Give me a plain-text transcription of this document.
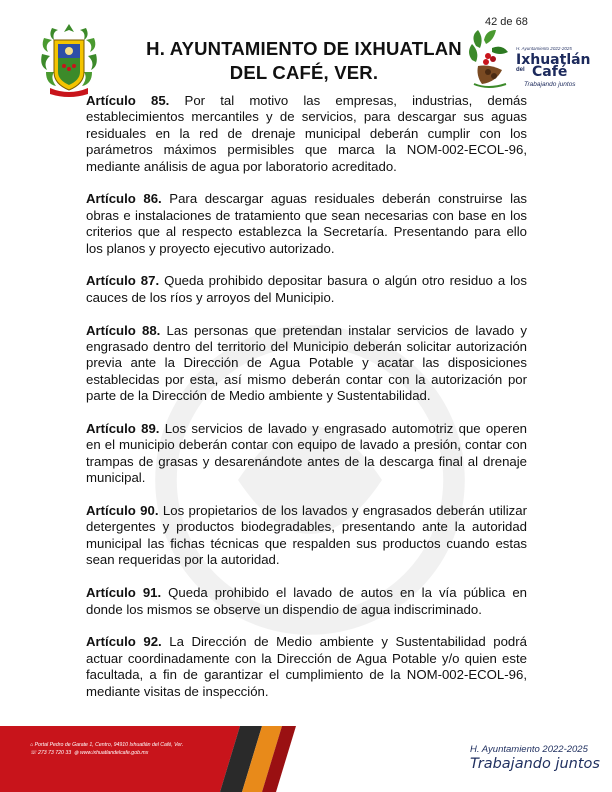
42 de 68
H. AYUNTAMIENTO DE IXHUATLAN
DEL CAFÉ, VER.
H. Ayuntamiento 2022-2025
Ixhuatlán
del Café
Trabajando juntos

Artículo 85. Por tal motivo las empresas, industrias, demás establecimientos mercantiles y de servicios, para descargar sus aguas residuales en la red de drenaje municipal deberán cumplir con los parámetros máximos permisibles que marca la NOM-002-ECOL-96, mediante análisis de agua por laboratorio acreditado.

Artículo 86. Para descargar aguas residuales deberán construirse las obras e instalaciones de tratamiento que sean necesarias con base en los criterios que al respecto establezca la Secretaría. Presentando para ello los planos y proyecto ejecutivo autorizado.

Artículo 87. Queda prohibido depositar basura o algún otro residuo a los cauces de los ríos y arroyos del Municipio.

Artículo 88. Las personas que pretendan instalar servicios de lavado y engrasado dentro del territorio del Municipio deberán solicitar autorización previa ante la Dirección de Agua Potable y acatar las disposiciones establecidas por esta, así mismo deberán contar con la autorización por parte de la Dirección de Medio ambiente y Sustentabilidad.

Artículo 89. Los servicios de lavado y engrasado automotriz que operen en el municipio deberán contar con equipo de lavado a presión, contar con trampas de grasas y desarenándote antes de la descarga final al drenaje municipal.

Artículo 90. Los propietarios de los lavados y engrasados deberán utilizar detergentes y productos biodegradables, presentando ante la autoridad municipal las fichas técnicas que respalden sus productos cuando estas sean requeridas por la autoridad.

Artículo 91. Queda prohibido el lavado de autos en la vía pública en donde los mismos se observe un dispendio de agua indiscriminado.

Artículo 92. La Dirección de Medio ambiente y Sustentabilidad podrá actuar coordinadamente con la Dirección de Agua Potable y/o quien este facultada, a fin de garantizar el cumplimiento de la NOM-002-ECOL-96, mediante visitas de inspección.

⌂ Portal Pedro de Garate 1, Centro, 94910 Ixhuatlán del Café, Ver.
☏ 273 73 720 33  ◍ www.ixhuatlandelcafe.gob.mx	H. Ayuntamiento 2022-2025
Trabajando juntos
